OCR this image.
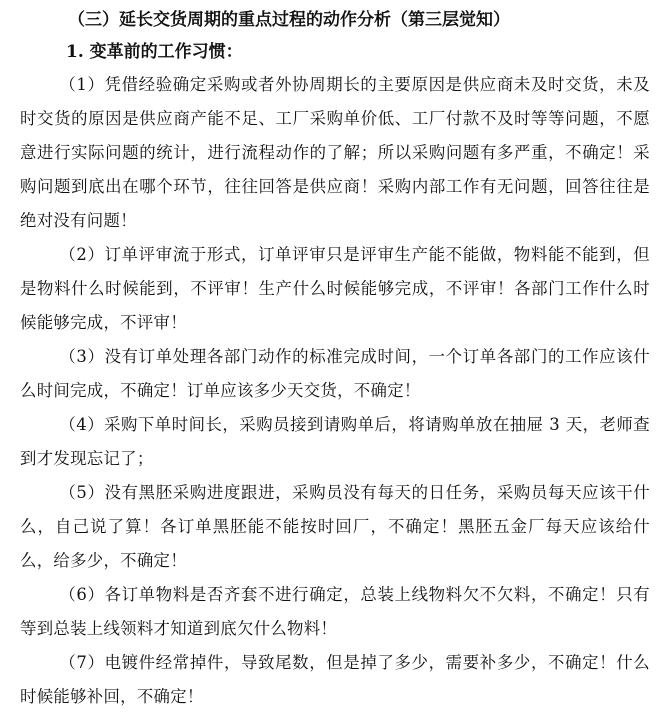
（三）延长交货周期的重点过程的动作分析（第三层觉知）
1. 变革前的工作习惯：

（1）凭借经验确定采购或者外协周期长的主要原因是供应商未及时交货，未及时交货的原因是供应商产能不足、工厂采购单价低、工厂付款不及时等等问题，不愿意进行实际问题的统计，进行流程动作的了解；所以采购问题有多严重，不确定！采购问题到底出在哪个环节，往往回答是供应商！采购内部工作有无问题，回答往往是绝对没有问题！

（2）订单评审流于形式，订单评审只是评审生产能不能做，物料能不能到，但是物料什么时候能到，不评审！生产什么时候能够完成，不评审！各部门工作什么时候能够完成，不评审！

（3）没有订单处理各部门动作的标准完成时间，一个订单各部门的工作应该什么时间完成，不确定！订单应该多少天交货，不确定！

（4）采购下单时间长，采购员接到请购单后，将请购单放在抽屉 3 天，老师查到才发现忘记了；

（5）没有黑胚采购进度跟进，采购员没有每天的日任务，采购员每天应该干什么，自己说了算！各订单黑胚能不能按时回厂，不确定！黑胚五金厂每天应该给什么，给多少，不确定！

（6）各订单物料是否齐套不进行确定，总装上线物料欠不欠料，不确定！只有等到总装上线领料才知道到底欠什么物料！

（7）电镀件经常掉件，导致尾数，但是掉了多少，需要补多少，不确定！什么时候能够补回，不确定！
